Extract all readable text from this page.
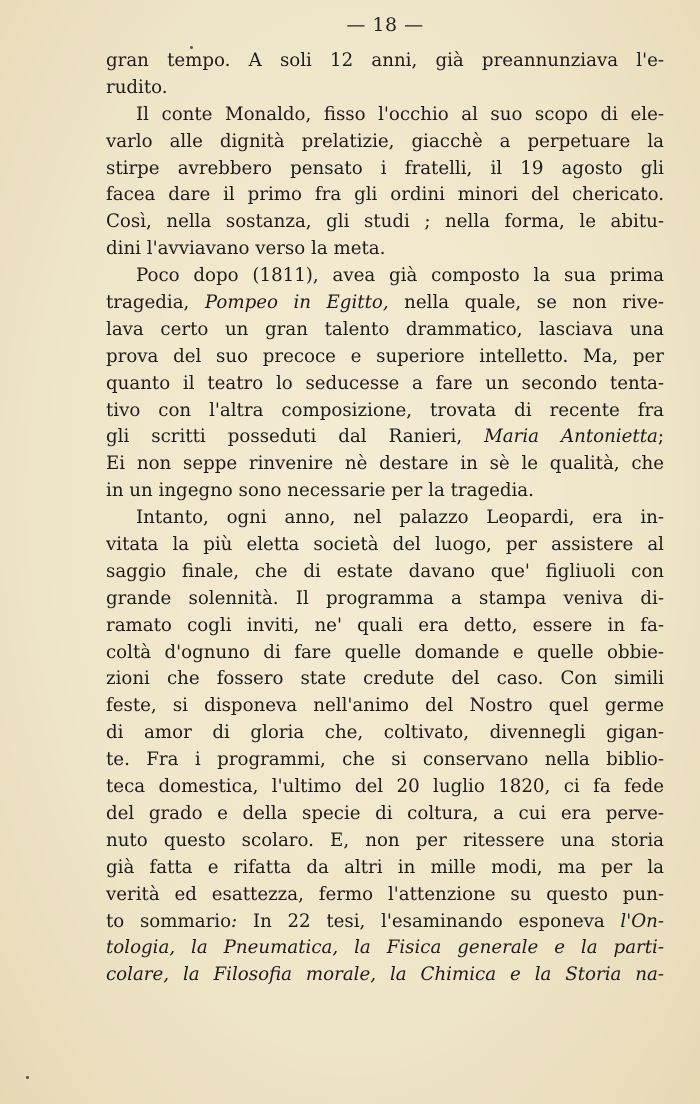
— 18 —
gran tempo. A soli 12 anni, già preannunziava l'e-
rudito.
Il conte Monaldo, fisso l'occhio al suo scopo di ele-
varlo alle dignità prelatizie, giacchè a perpetuare la
stirpe avrebbero pensato i fratelli, il 19 agosto gli
facea dare il primo fra gli ordini minori del chericato.
Così, nella sostanza, gli studi ; nella forma, le abitu-
dini l'avviavano verso la meta.
Poco dopo (1811), avea già composto la sua prima
tragedia, Pompeo in Egitto, nella quale, se non rive-
lava certo un gran talento drammatico, lasciava una
prova del suo precoce e superiore intelletto. Ma, per
quanto il teatro lo seducesse a fare un secondo tenta-
tivo con l'altra composizione, trovata di recente fra
gli scritti posseduti dal Ranieri, Maria Antonietta;
Ei non seppe rinvenire nè destare in sè le qualità, che
in un ingegno sono necessarie per la tragedia.
Intanto, ogni anno, nel palazzo Leopardi, era in-
vitata la più eletta società del luogo, per assistere al
saggio finale, che di estate davano que' figliuoli con
grande solennità. Il programma a stampa veniva di-
ramato cogli inviti, ne' quali era detto, essere in fa-
coltà d'ognuno di fare quelle domande e quelle obbie-
zioni che fossero state credute del caso. Con simili
feste, si disponeva nell'animo del Nostro quel germe
di amor di gloria che, coltivato, divennegli gigan-
te. Fra i programmi, che si conservano nella biblio-
teca domestica, l'ultimo del 20 luglio 1820, ci fa fede
del grado e della specie di coltura, a cui era perve-
nuto questo scolaro. E, non per ritessere una storia
già fatta e rifatta da altri in mille modi, ma per la
verità ed esattezza, fermo l'attenzione su questo pun-
to sommario: In 22 tesi, l'esaminando esponeva l'On-
tologia, la Pneumatica, la Fisica generale e la parti-
colare, la Filosofia morale, la Chimica e la Storia na-
